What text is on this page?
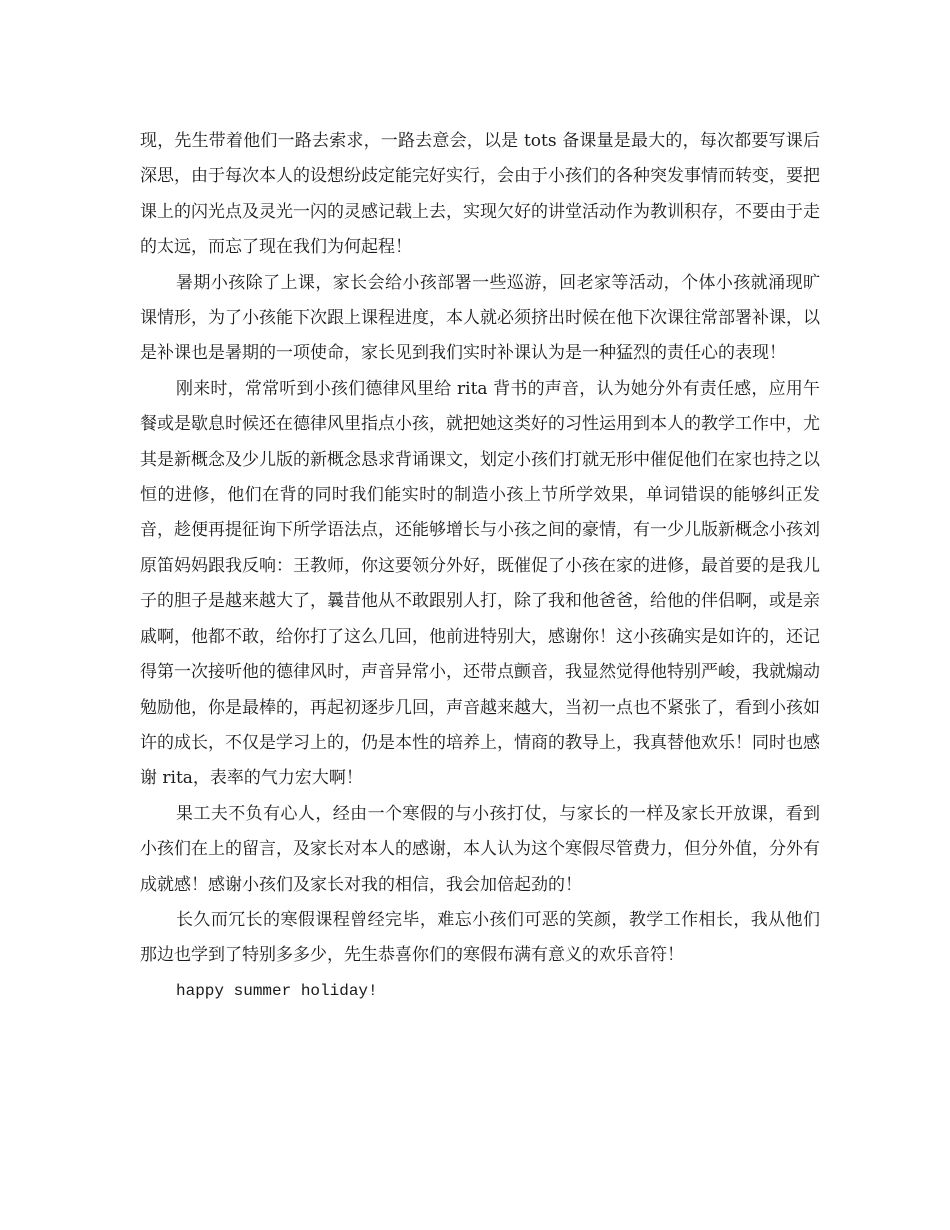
现，先生带着他们一路去索求，一路去意会，以是 tots 备课量是最大的，每次都要写课后深思，由于每次本人的设想纷歧定能完好实行，会由于小孩们的各种突发事情而转变，要把课上的闪光点及灵光一闪的灵感记载上去，实现欠好的讲堂活动作为教训积存，不要由于走的太远，而忘了现在我们为何起程！

暑期小孩除了上课，家长会给小孩部署一些巡游，回老家等活动，个体小孩就涌现旷课情形，为了小孩能下次跟上课程进度，本人就必须挤出时候在他下次课往常部署补课，以是补课也是暑期的一项使命，家长见到我们实时补课认为是一种猛烈的责任心的表现！

刚来时，常常听到小孩们德律风里给 rita 背书的声音，认为她分外有责任感，应用午餐或是歇息时候还在德律风里指点小孩，就把她这类好的习性运用到本人的教学工作中，尤其是新概念及少儿版的新概念恳求背诵课文，划定小孩们打就无形中催促他们在家也持之以恒的进修，他们在背的同时我们能实时的制造小孩上节所学效果，单词错误的能够纠正发音，趁便再提征询下所学语法点，还能够增长与小孩之间的豪情，有一少儿版新概念小孩刘原笛妈妈跟我反响：王教师，你这要领分外好，既催促了小孩在家的进修，最首要的是我儿子的胆子是越来越大了，曩昔他从不敢跟别人打，除了我和他爸爸，给他的伴侣啊，或是亲戚啊，他都不敢，给你打了这么几回，他前进特别大，感谢你！这小孩确实是如许的，还记得第一次接听他的德律风时，声音异常小，还带点颤音，我显然觉得他特别严峻，我就煽动勉励他，你是最棒的，再起初逐步几回，声音越来越大，当初一点也不紧张了，看到小孩如许的成长，不仅是学习上的，仍是本性的培养上，情商的教导上，我真替他欢乐！同时也感谢 rita，表率的气力宏大啊！

果工夫不负有心人，经由一个寒假的与小孩打仗，与家长的一样及家长开放课，看到小孩们在上的留言，及家长对本人的感谢，本人认为这个寒假尽管费力，但分外值，分外有成就感！感谢小孩们及家长对我的相信，我会加倍起劲的！

长久而冗长的寒假课程曾经完毕，难忘小孩们可恶的笑颜，教学工作相长，我从他们那边也学到了特别多多少，先生恭喜你们的寒假布满有意义的欢乐音符！

happy summer holiday!
